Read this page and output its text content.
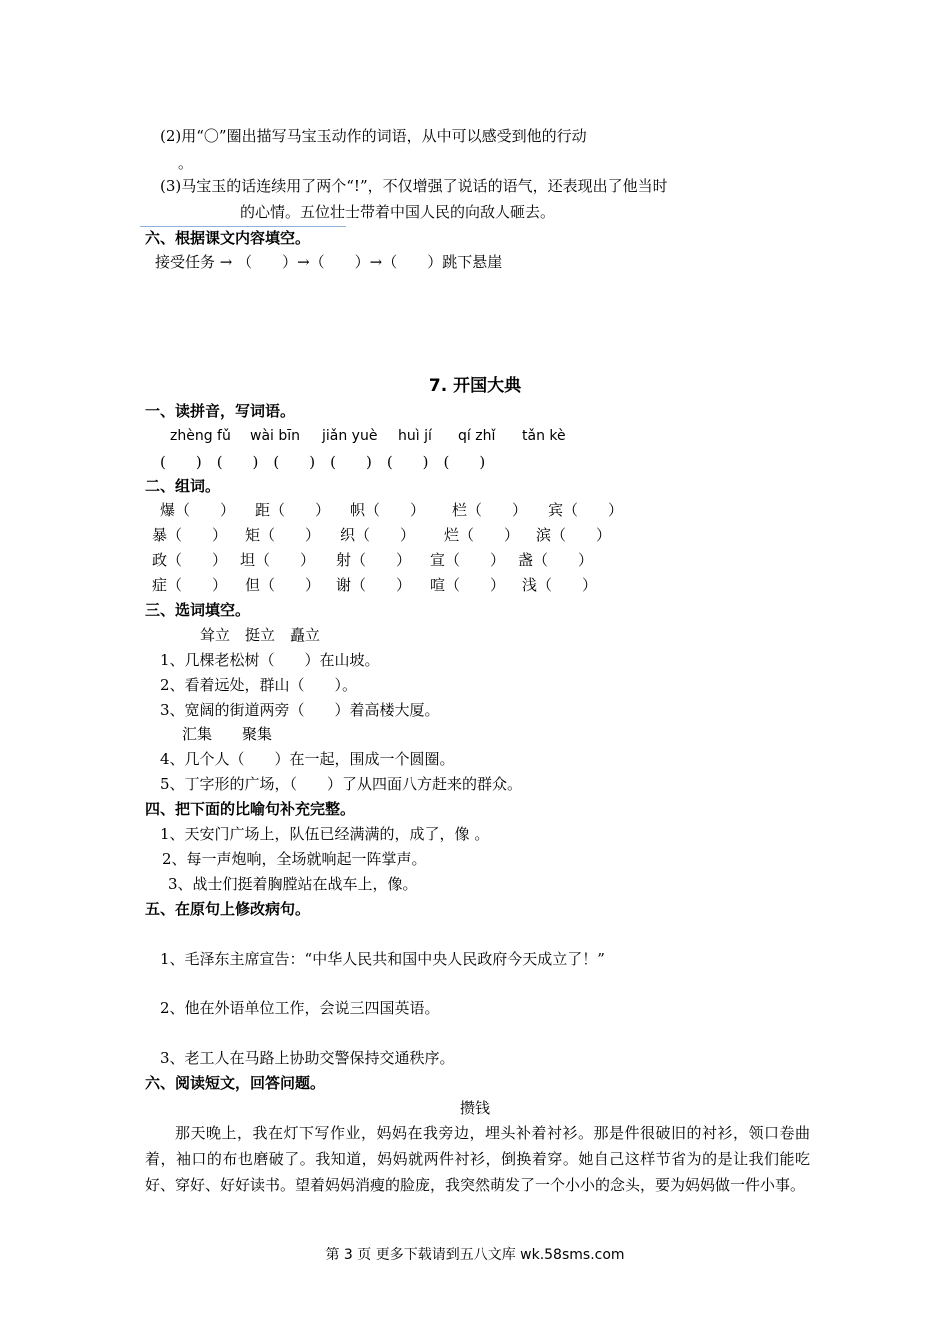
(2)用“〇”圈出描写马宝玉动作的词语，从中可以感受到他的行动
。
(3)马宝玉的话连续用了两个“!”，不仅增强了说话的语气，还表现出了他当时
的心情。五位壮士带着中国人民的向敌人砸去。
六、根据课文内容填空。
接受任务 → （　　）→（　　）→（　　）跳下悬崖
7. 开国大典
一、读拼音，写词语。
zhèng fǔ wài bīn jiǎn yuè huì jí qí zhǐ tǎn kè
(　　)　(　　)　(　　)　(　　)　(　　)　(　　)
二、组词。
爆（　　） 距（　　） 帜（　　） 栏（　　） 宾（　　）
暴（　　） 矩（　　） 织（　　） 烂（　　） 滨（　　）
政（　　） 坦（　　） 射（　　） 宣（　　） 盏（　　）
症（　　） 但（　　） 谢（　　） 喧（　　） 浅（　　）
三、选词填空。
耸立　挺立　矗立
1、几棵老松树（　　）在山坡。
2、看着远处，群山（　　）。
3、宽阔的街道两旁（　　）着高楼大厦。
汇集　　聚集
4、几个人（　　）在一起，围成一个圆圈。
5、丁字形的广场，（　　）了从四面八方赶来的群众。
四、把下面的比喻句补充完整。
1、天安门广场上，队伍已经满满的，成了，像 。
2、每一声炮响，全场就响起一阵掌声。
3、战士们挺着胸膛站在战车上，像。
五、在原句上修改病句。
1、毛泽东主席宣告：“中华人民共和国中央人民政府今天成立了！”
2、他在外语单位工作，会说三四国英语。
3、老工人在马路上协助交警保持交通秩序。
六、阅读短文，回答问题。
攒钱
那天晚上，我在灯下写作业，妈妈在我旁边，埋头补着衬衫。那是件很破旧的衬衫，领口卷曲着，袖口的布也磨破了。我知道，妈妈就两件衬衫，倒换着穿。她自己这样节省为的是让我们能吃好、穿好、好好读书。望着妈妈消瘦的脸庞，我突然萌发了一个小小的念头，要为妈妈做一件小事。
第 3 页 更多下载请到五八文库 wk.58sms.com
